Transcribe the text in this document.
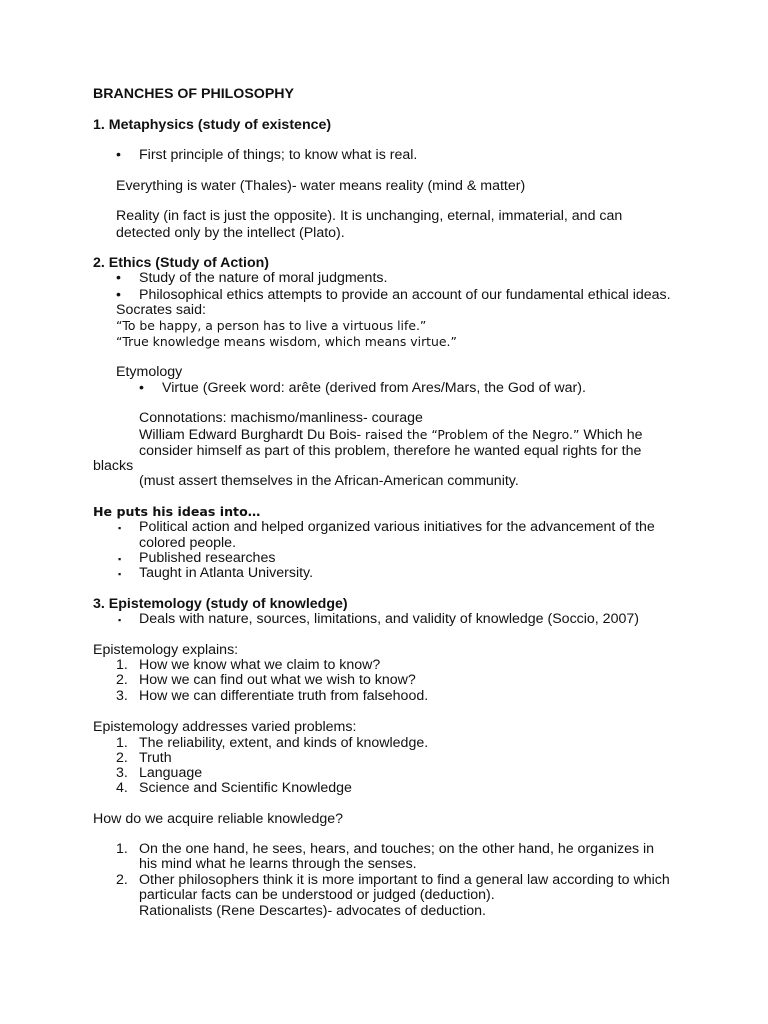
BRANCHES OF PHILOSOPHY
1. Metaphysics (study of existence)
• First principle of things; to know what is real.
Everything is water (Thales)- water means reality (mind & matter)
Reality (in fact is just the opposite). It is unchanging, eternal, immaterial, and can
detected only by the intellect (Plato).
2. Ethics (Study of Action)
• Study of the nature of moral judgments.
• Philosophical ethics attempts to provide an account of our fundamental ethical ideas.
Socrates said:
“To be happy, a person has to live a virtuous life.”
“True knowledge means wisdom, which means virtue.”
Etymology
• Virtue (Greek word: arête (derived from Ares/Mars, the God of war).
Connotations: machismo/manliness- courage
William Edward Burghardt Du Bois- raised the “Problem of the Negro.” Which he
consider himself as part of this problem, therefore he wanted equal rights for the
blacks
(must assert themselves in the African-American community.
He puts his ideas into…
▪ Political action and helped organized various initiatives for the advancement of the
colored people.
▪ Published researches
▪ Taught in Atlanta University.
3. Epistemology (study of knowledge)
▪ Deals with nature, sources, limitations, and validity of knowledge (Soccio, 2007)
Epistemology explains:
1. How we know what we claim to know?
2. How we can find out what we wish to know?
3. How we can differentiate truth from falsehood.
Epistemology addresses varied problems:
1. The reliability, extent, and kinds of knowledge.
2. Truth
3. Language
4. Science and Scientific Knowledge
How do we acquire reliable knowledge?
1. On the one hand, he sees, hears, and touches; on the other hand, he organizes in
his mind what he learns through the senses.
2. Other philosophers think it is more important to find a general law according to which
particular facts can be understood or judged (deduction).
Rationalists (Rene Descartes)- advocates of deduction.
